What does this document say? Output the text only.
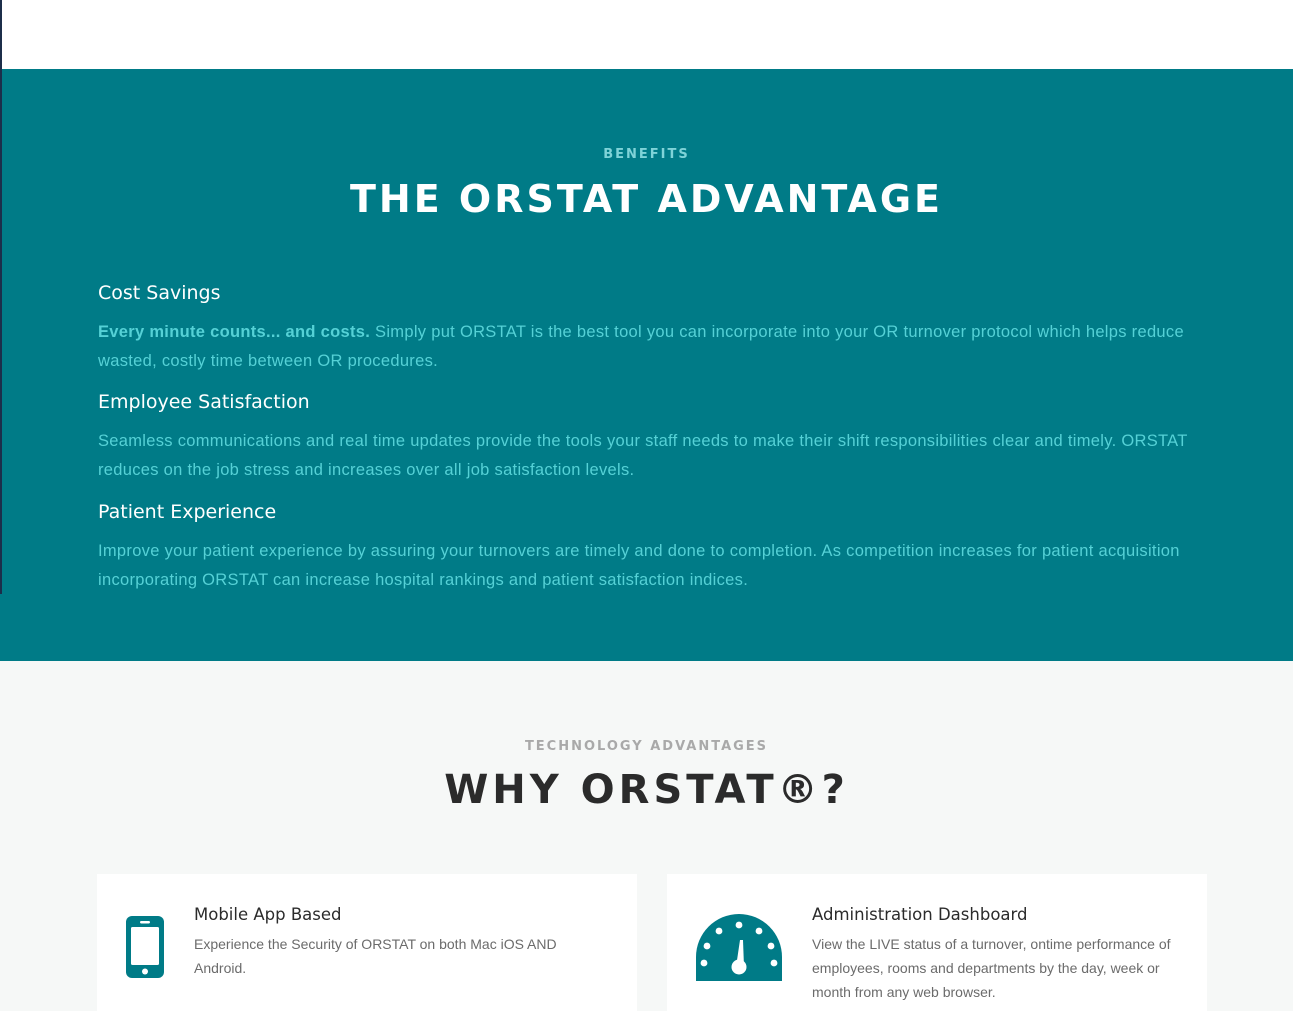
BENEFITS
THE ORSTAT ADVANTAGE
Cost Savings

Every minute counts... and costs. Simply put ORSTAT is the best tool you can incorporate into your OR turnover protocol which helps reduce wasted, costly time between OR procedures.

Employee Satisfaction

Seamless communications and real time updates provide the tools your staff needs to make their shift responsibilities clear and timely. ORSTAT reduces on the job stress and increases over all job satisfaction levels.

Patient Experience

Improve your patient experience by assuring your turnovers are timely and done to completion. As competition increases for patient acquisition incorporating ORSTAT can increase hospital rankings and patient satisfaction indices.

TECHNOLOGY ADVANTAGES
WHY ORSTAT®?
Mobile App Based

Experience the Security of ORSTAT on both Mac iOS AND Android.

Administration Dashboard

View the LIVE status of a turnover, ontime performance of employees, rooms and departments by the day, week or month from any web browser.
